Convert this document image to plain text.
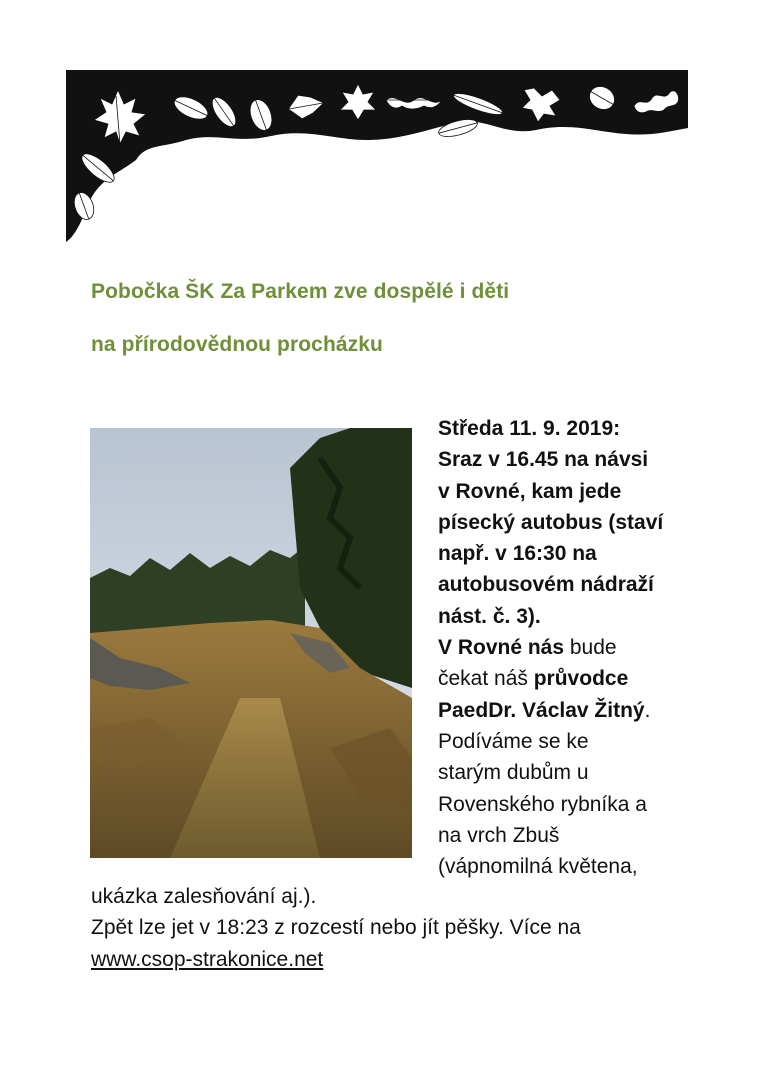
Pobočka ŠK Za Parkem zve dospělé i děti
na přírodovědnou procházku
Středa 11. 9. 2019:
Sraz v 16.45 na návsi
v Rovné, kam jede
písecký autobus (staví
např. v 16:30 na
autobusovém nádraží
nást. č. 3).
V Rovné nás bude
čekat náš průvodce
PaedDr. Václav Žitný.
Podíváme se ke
starým dubům u
Rovenského rybníka a
na vrch Zbuš
(vápnomilná květena,
ukázka zalesňování aj.).
Zpět lze jet v 18:23 z rozcestí nebo jít pěšky. Více na
www.csop-strakonice.net
